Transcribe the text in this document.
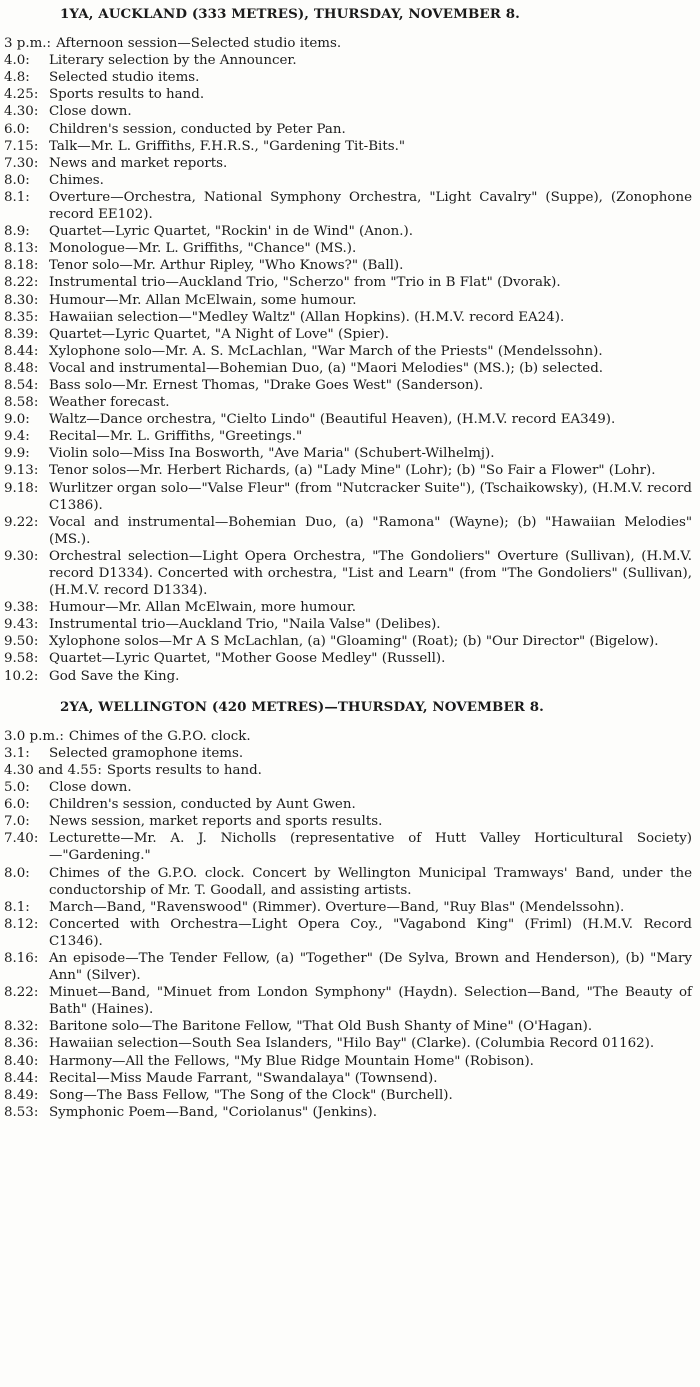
1YA, AUCKLAND (333 METRES), THURSDAY, NOVEMBER 8.
3 p.m.: Afternoon session—Selected studio items.
4.0:	Literary selection by the Announcer.
4.8:	Selected studio items.
4.25: Sports results to hand.
4.30: Close down.
6.0:	Children's session, conducted by Peter Pan.
7.15: Talk—Mr. L. Griffiths, F.H.R.S., "Gardening Tit-Bits."
7.30: News and market reports.
8.0:	Chimes.
8.1:	Overture—Orchestra, National Symphony Orchestra, "Light Cavalry" (Suppe), (Zonophone record EE102).
8.9:	Quartet—Lyric Quartet, "Rockin' in de Wind" (Anon.).
8.13: Monologue—Mr. L. Griffiths, "Chance" (MS.).
8.18: Tenor solo—Mr. Arthur Ripley, "Who Knows?" (Ball).
8.22: Instrumental trio—Auckland Trio, "Scherzo" from "Trio in B Flat" (Dvorak).
8.30: Humour—Mr. Allan McElwain, some humour.
8.35: Hawaiian selection—"Medley Waltz" (Allan Hopkins). (H.M.V. record EA24).
8.39: Quartet—Lyric Quartet, "A Night of Love" (Spier).
8.44: Xylophone solo—Mr. A. S. McLachlan, "War March of the Priests" (Mendelssohn).
8.48: Vocal and instrumental—Bohemian Duo, (a) "Maori Melodies" (MS.); (b) selected.
8.54: Bass solo—Mr. Ernest Thomas, "Drake Goes West" (Sanderson).
8.58: Weather forecast.
9.0:	Waltz—Dance orchestra, "Cielto Lindo" (Beautiful Heaven), (H.M.V. record EA349).
9.4:	Recital—Mr. L. Griffiths, "Greetings."
9.9:	Violin solo—Miss Ina Bosworth, "Ave Maria" (Schubert-Wilhelmj).
9.13: Tenor solos—Mr. Herbert Richards, (a) "Lady Mine" (Lohr); (b) "So Fair a Flower" (Lohr).
9.18: Wurlitzer organ solo—"Valse Fleur" (from "Nutcracker Suite"), (Tschaikowsky), (H.M.V. record C1386).
9.22: Vocal and instrumental—Bohemian Duo, (a) "Ramona" (Wayne); (b) "Hawaiian Melodies" (MS.).
9.30: Orchestral selection—Light Opera Orchestra, "The Gondoliers" Overture (Sullivan), (H.M.V. record D1334). Concerted with orchestra, "List and Learn" (from "The Gondoliers" (Sullivan), (H.M.V. record D1334).
9.38: Humour—Mr. Allan McElwain, more humour.
9.43: Instrumental trio—Auckland Trio, "Naila Valse" (Delibes).
9.50: Xylophone solos—Mr A S McLachlan, (a) "Gloaming" (Roat); (b) "Our Director" (Bigelow).
9.58: Quartet—Lyric Quartet, "Mother Goose Medley" (Russell).
10.2: God Save the King.
2YA, WELLINGTON (420 METRES)—THURSDAY, NOVEMBER 8.
3.0 p.m.: Chimes of the G.P.O. clock.
3.1:	Selected gramophone items.
4.30 and 4.55: Sports results to hand.
5.0:	Close down.
6.0:	Children's session, conducted by Aunt Gwen.
7.0:	News session, market reports and sports results.
7.40: Lecturette—Mr. A. J. Nicholls (representative of Hutt Valley Horticultural Society)—"Gardening."
8.0:	Chimes of the G.P.O. clock. Concert by Wellington Municipal Tramways' Band, under the conductorship of Mr. T. Goodall, and assisting artists.
8.1:	March—Band, "Ravenswood" (Rimmer). Overture—Band, "Ruy Blas" (Mendelssohn).
8.12: Concerted with Orchestra—Light Opera Coy., "Vagabond King" (Friml) (H.M.V. Record C1346).
8.16: An episode—The Tender Fellow, (a) "Together" (De Sylva, Brown and Henderson), (b) "Mary Ann" (Silver).
8.22: Minuet—Band, "Minuet from London Symphony" (Haydn). Selection—Band, "The Beauty of Bath" (Haines).
8.32: Baritone solo—The Baritone Fellow, "That Old Bush Shanty of Mine" (O'Hagan).
8.36: Hawaiian selection—South Sea Islanders, "Hilo Bay" (Clarke). (Columbia Record 01162).
8.40: Harmony—All the Fellows, "My Blue Ridge Mountain Home" (Robison).
8.44: Recital—Miss Maude Farrant, "Swandalaya" (Townsend).
8.49: Song—The Bass Fellow, "The Song of the Clock" (Burchell).
8.53: Symphonic Poem—Band, "Coriolanus" (Jenkins).
